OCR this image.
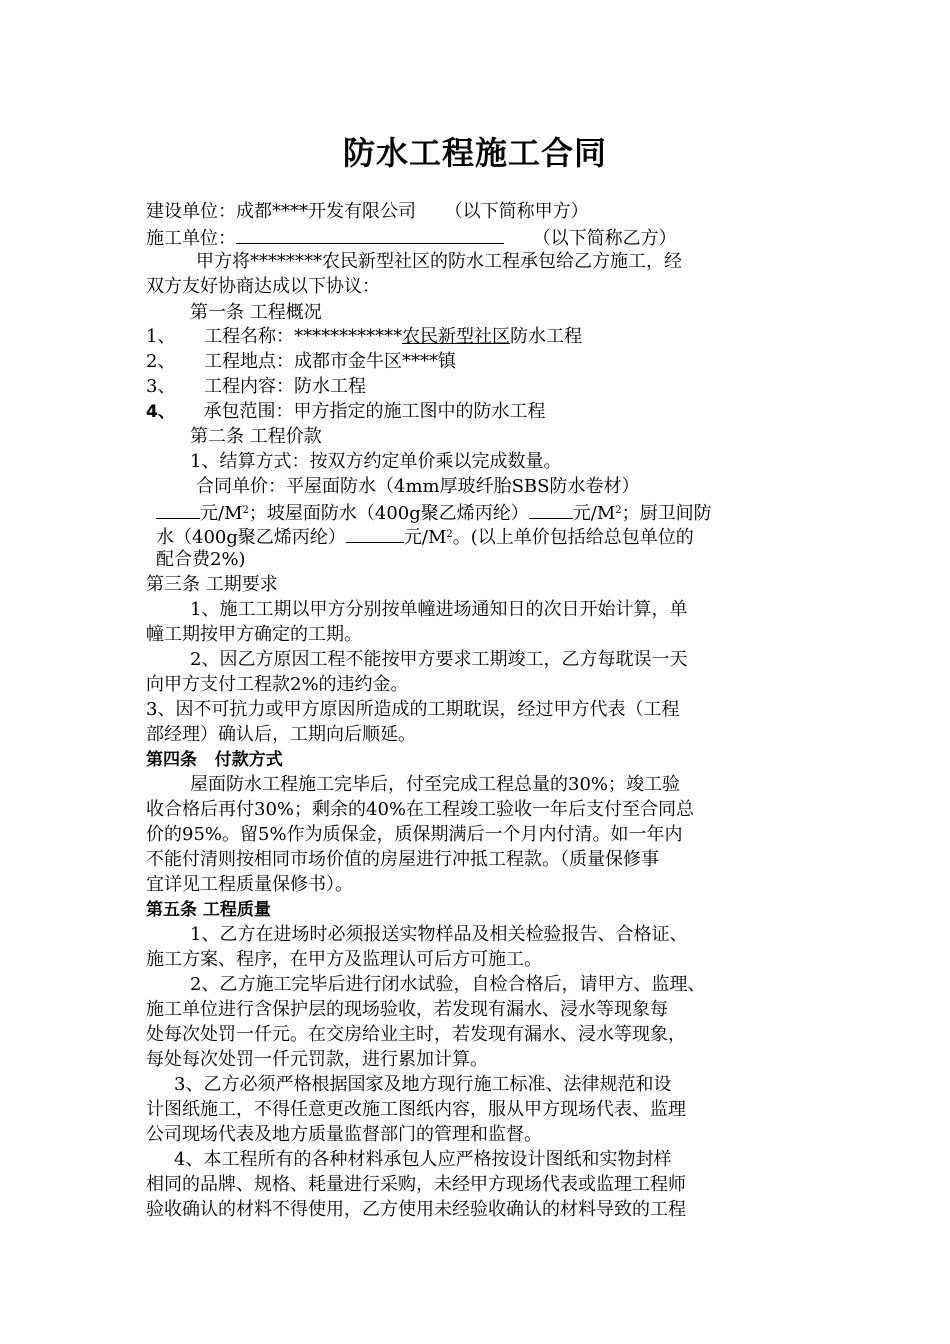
防水工程施工合同
建设单位：成都****开发有限公司 （以下简称甲方）
施工单位：	（以下简称乙方）
甲方将********农民新型社区的防水工程承包给乙方施工，经
双方友好协商达成以下协议：
第一条 工程概况
1、 工程名称：************农民新型社区防水工程
2、 工程地点：成都市金牛区****镇
3、 工程内容：防水工程
4、 承包范围：甲方指定的施工图中的防水工程
第二条 工程价款
1、结算方式：按双方约定单价乘以完成数量。
合同单价：平屋面防水（4mm厚玻纤胎SBS防水卷材）
元$/M^2$；坡屋面防水（400g聚乙烯丙纶） 元$/M^2$；厨卫间防
水（400g聚乙烯丙纶）	元$/M^2$。(以上单价包括给总包单位的
配合费2%)
第三条 工期要求
1、施工工期以甲方分别按单幢进场通知日的次日开始计算，单
幢工期按甲方确定的工期。
2、因乙方原因工程不能按甲方要求工期竣工，乙方每耽误一天
向甲方支付工程款2%的违约金。
3、因不可抗力或甲方原因所造成的工期耽误，经过甲方代表（工程
部经理）确认后，工期向后顺延。
第四条   付款方式
屋面防水工程施工完毕后，付至完成工程总量的30%；竣工验
收合格后再付30%；剩余的40%在工程竣工验收一年后支付至合同总
价的95%。留5%作为质保金，质保期满后一个月内付清。如一年内
不能付清则按相同市场价值的房屋进行冲抵工程款。（质量保修事
宜详见工程质量保修书）。
第五条 工程质量
1、乙方在进场时必须报送实物样品及相关检验报告、合格证、
施工方案、程序，在甲方及监理认可后方可施工。
2、乙方施工完毕后进行闭水试验，自检合格后，请甲方、监理、
施工单位进行含保护层的现场验收，若发现有漏水、浸水等现象每
处每次处罚一仟元。在交房给业主时，若发现有漏水、浸水等现象，
每处每次处罚一仟元罚款，进行累加计算。
3、乙方必须严格根据国家及地方现行施工标准、法律规范和设
计图纸施工，不得任意更改施工图纸内容，服从甲方现场代表、监理
公司现场代表及地方质量监督部门的管理和监督。
4、本工程所有的各种材料承包人应严格按设计图纸和实物封样
相同的品牌、规格、耗量进行采购，未经甲方现场代表或监理工程师
验收确认的材料不得使用，乙方使用未经验收确认的材料导致的工程
